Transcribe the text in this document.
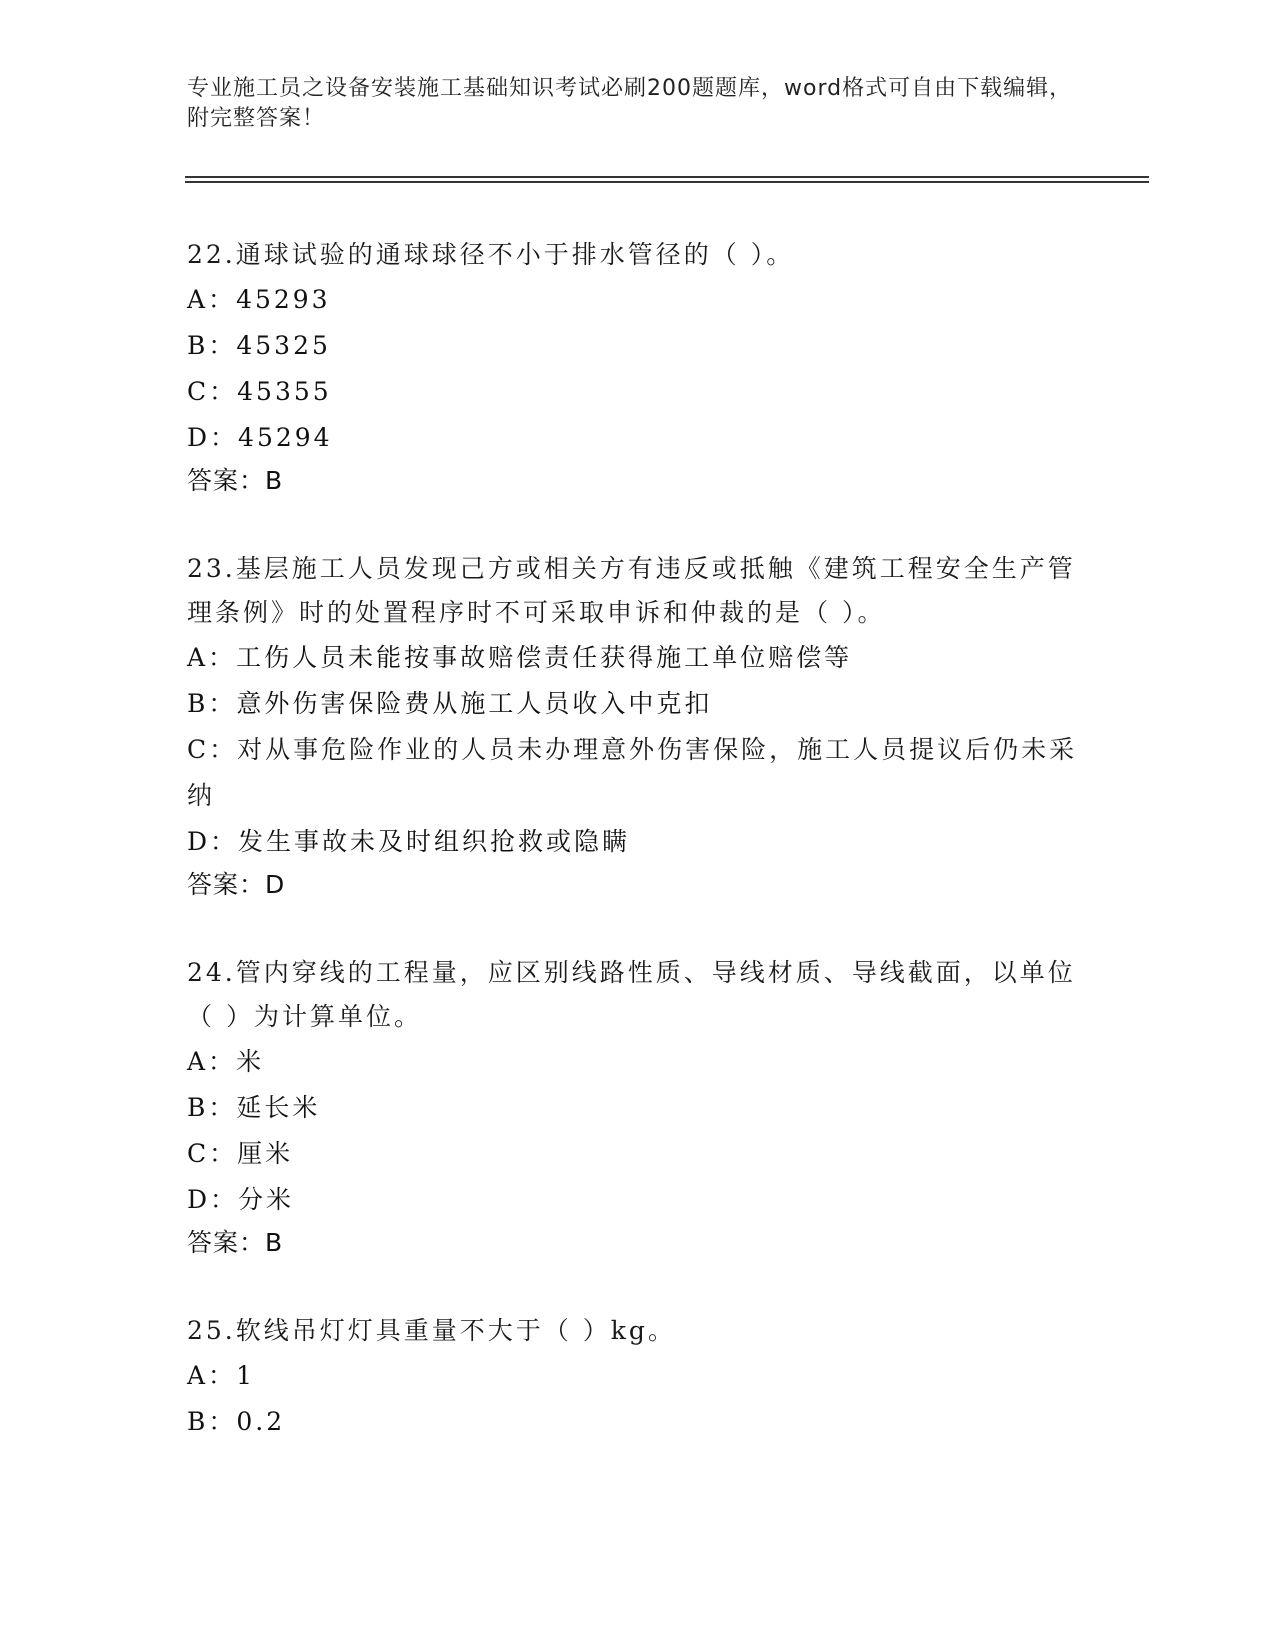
专业施工员之设备安装施工基础知识考试必刷200题题库，word格式可自由下载编辑，附完整答案！
22.通球试验的通球球径不小于排水管径的（ ）。
A： 45293
B： 45325
C： 45355
D： 45294
答案：B
23.基层施工人员发现己方或相关方有违反或抵触《建筑工程安全生产管理条例》时的处置程序时不可采取申诉和仲裁的是（ ）。
A： 工伤人员未能按事故赔偿责任获得施工单位赔偿等
B： 意外伤害保险费从施工人员收入中克扣
C：对从事危险作业的人员未办理意外伤害保险，施工人员提议后仍未采纳
D： 发生事故未及时组织抢救或隐瞒
答案：D
24.管内穿线的工程量，应区别线路性质、导线材质、导线截面，以单位（ ）为计算单位。
A： 米
B： 延长米
C： 厘米
D： 分米
答案：B
25.软线吊灯灯具重量不大于（ ）kg。
A： 1
B： 0.2
